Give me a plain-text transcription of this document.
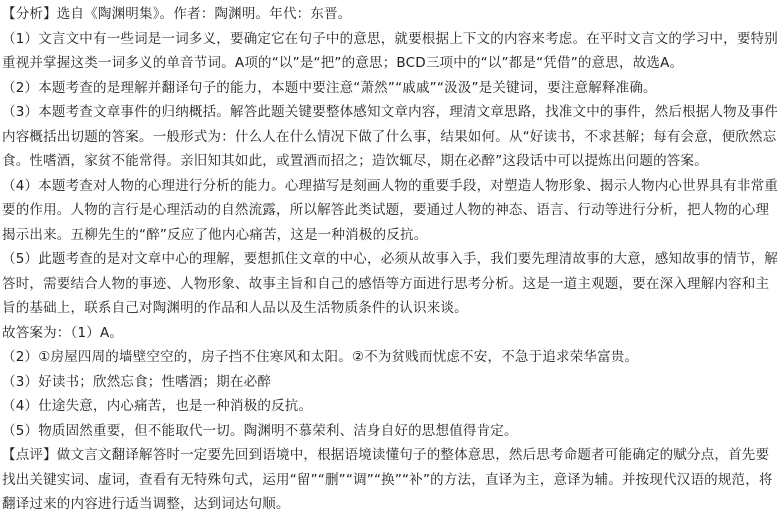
【分析】选自《陶渊明集》。作者：陶渊明。年代：东晋。

（1）文言文中有一些词是一词多义，要确定它在句子中的意思，就要根据上下文的内容来考虑。在平时文言文的学习中，要特别重视并掌握这类一词多义的单音节词。A项的“以”是“把”的意思；BCD三项中的“以”都是“凭借”的意思，故选A。

（2）本题考查的是理解并翻译句子的能力，本题中要注意“萧然”“戚戚”“汲汲”是关键词，要注意解释准确。

（3）本题考查文章事件的归纳概括。解答此题关键要整体感知文章内容，理清文章思路，找准文中的事件，然后根据人物及事件内容概括出切题的答案。一般形式为：什么人在什么情况下做了什么事，结果如何。从“好读书，不求甚解；每有会意，便欣然忘食。性嗜酒，家贫不能常得。亲旧知其如此，或置酒而招之；造饮辄尽，期在必醉”这段话中可以提炼出问题的答案。

（4）本题考查对人物的心理进行分析的能力。心理描写是刻画人物的重要手段，对塑造人物形象、揭示人物内心世界具有非常重要的作用。人物的言行是心理活动的自然流露，所以解答此类试题，要通过人物的神态、语言、行动等进行分析，把人物的心理揭示出来。五柳先生的“醉”反应了他内心痛苦，这是一种消极的反抗。

（5）此题考查的是对文章中心的理解，要想抓住文章的中心，必须从故事入手，我们要先理清故事的大意，感知故事的情节，解答时，需要结合人物的事迹、人物形象、故事主旨和自己的感悟等方面进行思考分析。这是一道主观题，要在深入理解内容和主旨的基础上，联系自己对陶渊明的作品和人品以及生活物质条件的认识来谈。

故答案为：（1）A。

（2）①房屋四周的墙壁空空的，房子挡不住寒风和太阳。②不为贫贱而忧虑不安，不急于追求荣华富贵。

（3）好读书；欣然忘食；性嗜酒；期在必醉

（4）仕途失意，内心痛苦，也是一种消极的反抗。

（5）物质固然重要，但不能取代一切。陶渊明不慕荣利、洁身自好的思想值得肯定。

【点评】做文言文翻译解答时一定要先回到语境中，根据语境读懂句子的整体意思，然后思考命题者可能确定的赋分点，首先要找出关键实词、虚词，查看有无特殊句式，运用“留”“删”“调”“换”“补”的方法，直译为主，意译为辅。并按现代汉语的规范，将翻译过来的内容进行适当调整，达到词达句顺。
